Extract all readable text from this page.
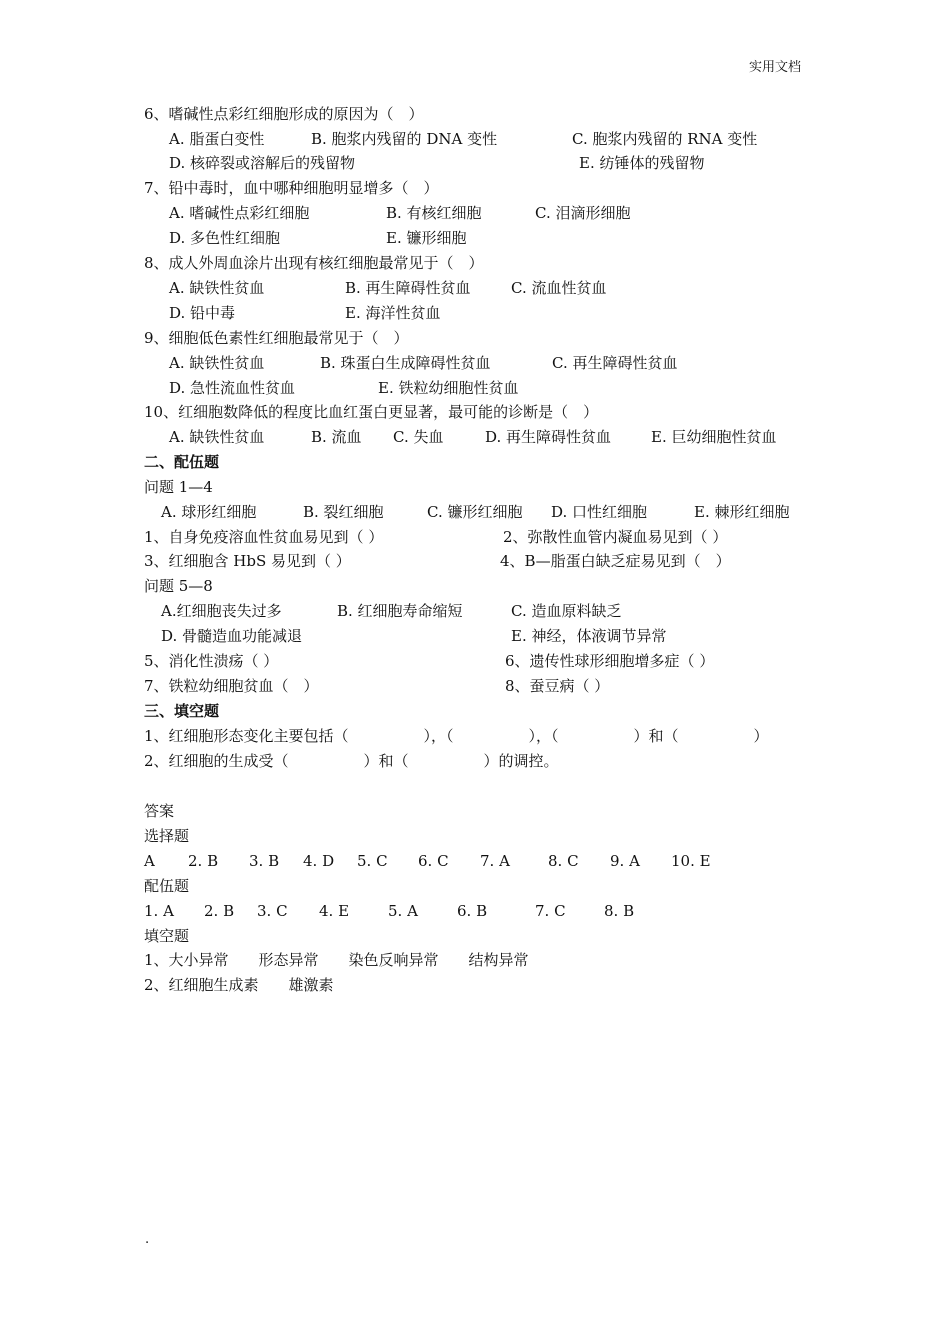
实用文档
6、嗜碱性点彩红细胞形成的原因为（　）
A. 脂蛋白变性	B. 胞浆内残留的 DNA 变性	C. 胞浆内残留的 RNA 变性
D. 核碎裂或溶解后的残留物	E. 纺锤体的残留物
7、铅中毒时，血中哪种细胞明显增多（　）
A. 嗜碱性点彩红细胞	B. 有核红细胞	C. 泪滴形细胞
D. 多色性红细胞	E. 镰形细胞
8、成人外周血涂片出现有核红细胞最常见于（　）
A. 缺铁性贫血	B. 再生障碍性贫血	C. 流血性贫血
D. 铅中毒	E. 海洋性贫血
9、细胞低色素性红细胞最常见于（　）
A. 缺铁性贫血	B. 珠蛋白生成障碍性贫血	C. 再生障碍性贫血
D. 急性流血性贫血	E. 铁粒幼细胞性贫血
10、红细胞数降低的程度比血红蛋白更显著，最可能的诊断是（　）
A. 缺铁性贫血	B. 流血 C. 失血	D. 再生障碍性贫血	E. 巨幼细胞性贫血
二、配伍题
问题 1—4
A. 球形红细胞	B. 裂红细胞	C. 镰形红细胞 D. 口性红细胞	E. 棘形红细胞
1、自身免疫溶血性贫血易见到（ ）	2、弥散性血管内凝血易见到（ ）
3、红细胞含 HbS 易见到（ ）	4、Β—脂蛋白缺乏症易见到（　）
问题 5—8
A.红细胞丧失过多	B. 红细胞寿命缩短	C. 造血原料缺乏
D. 骨髓造血功能减退	E. 神经，体液调节异常
5、消化性溃疡（ ）	6、遗传性球形细胞增多症（ ）
7、铁粒幼细胞贫血（　）	8、蚕豆病（ ）
三、填空题
1、红细胞形态变化主要包括（　　　　　），（　　　　　），（　　　　　）和（　　　　　）
2、红细胞的生成受（　　　　　）和（　　　　　）的调控。
答案
选择题
A 2. B 3. B 4. D 5. C 6. C 7. A	8. C 9. A 10. E
配伍题
1. A 2. B 3. C 4. E	5. A	6. B	7. C	8. B
填空题
1、大小异常　　形态异常　　染色反响异常　　结构异常
2、红细胞生成素　　雄激素
.
